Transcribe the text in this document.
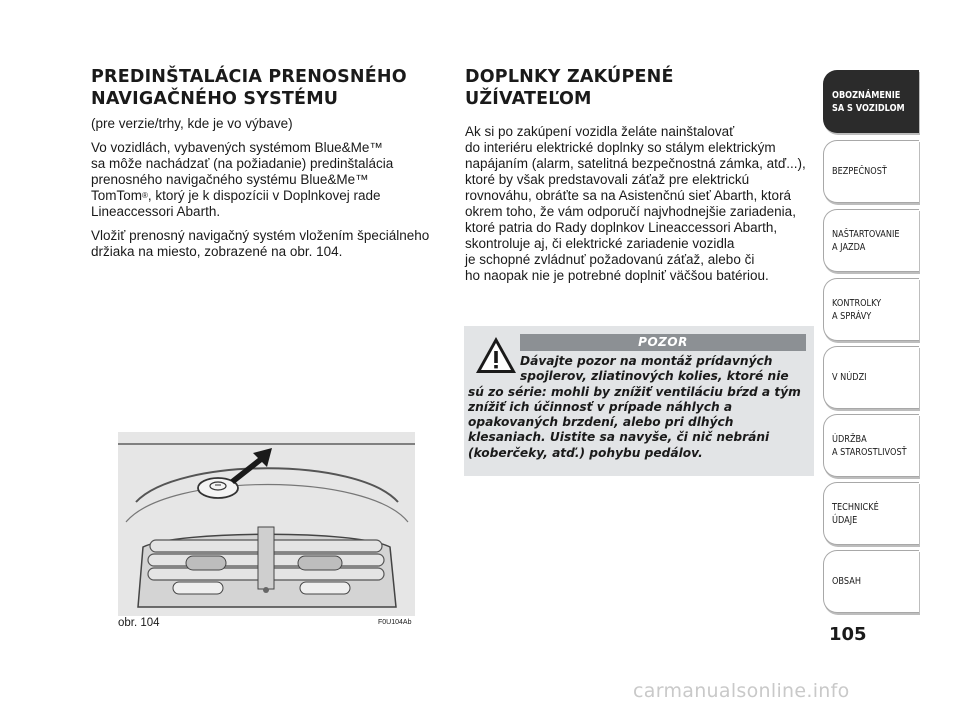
PREDINŠTALÁCIA PRENOSNÉHO
NAVIGAČNÉHO SYSTÉMU
(pre verzie/trhy, kde je vo výbave)
Vo vozidlách, vybavených systémom Blue&Me™
sa môže nachádzať (na požiadanie) predinštalácia
prenosného navigačného systému Blue&Me™
TomTom®, ktorý je k dispozícii v Doplnkovej rade
Lineaccessori Abarth.
Vložiť prenosný navigačný systém vložením špeciálneho
držiaka na miesto, zobrazené na obr. 104.
DOPLNKY ZAKÚPENÉ
UŽÍVATEĽOM
Ak si po zakúpení vozidla želáte nainštalovať
do interiéru elektrické doplnky so stálym elektrickým
napájaním (alarm, satelitná bezpečnostná zámka, atď...),
ktoré by však predstavovali záťaž pre elektrickú
rovnováhu, obráťte sa na Asistenčnú sieť Abarth, ktorá
okrem toho, že vám odporučí najvhodnejšie zariadenia,
ktoré patria do Rady doplnkov Lineaccessori Abarth,
skontroluje aj, či elektrické zariadenie vozidla
je schopné zvládnuť požadovanú záťaž, alebo či
ho naopak nie je potrebné doplniť väčšou batériou.
POZOR
Dávajte pozor na montáž prídavných
spojlerov, zliatinových kolies, ktoré nie
sú zo série: mohli by znížiť ventiláciu bŕzd a tým znížiť ich účinnosť v prípade náhlych a opakovaných brzdení, alebo pri dlhých klesaniach. Uistite sa navyše, či nič nebráni (koberčeky, atď.) pohybu pedálov.
obr. 104	F0U104Ab
OBOZNÁMENIE
SA S VOZIDLOM
BEZPEČNOSŤ
NAŠTARTOVANIE
A JAZDA
KONTROLKY
A SPRÁVY
V NÚDZI
ÚDRŽBA
A STAROSTLIVOSŤ
TECHNICKÉ
ÚDAJE
OBSAH
105
carmanualsonline.info
